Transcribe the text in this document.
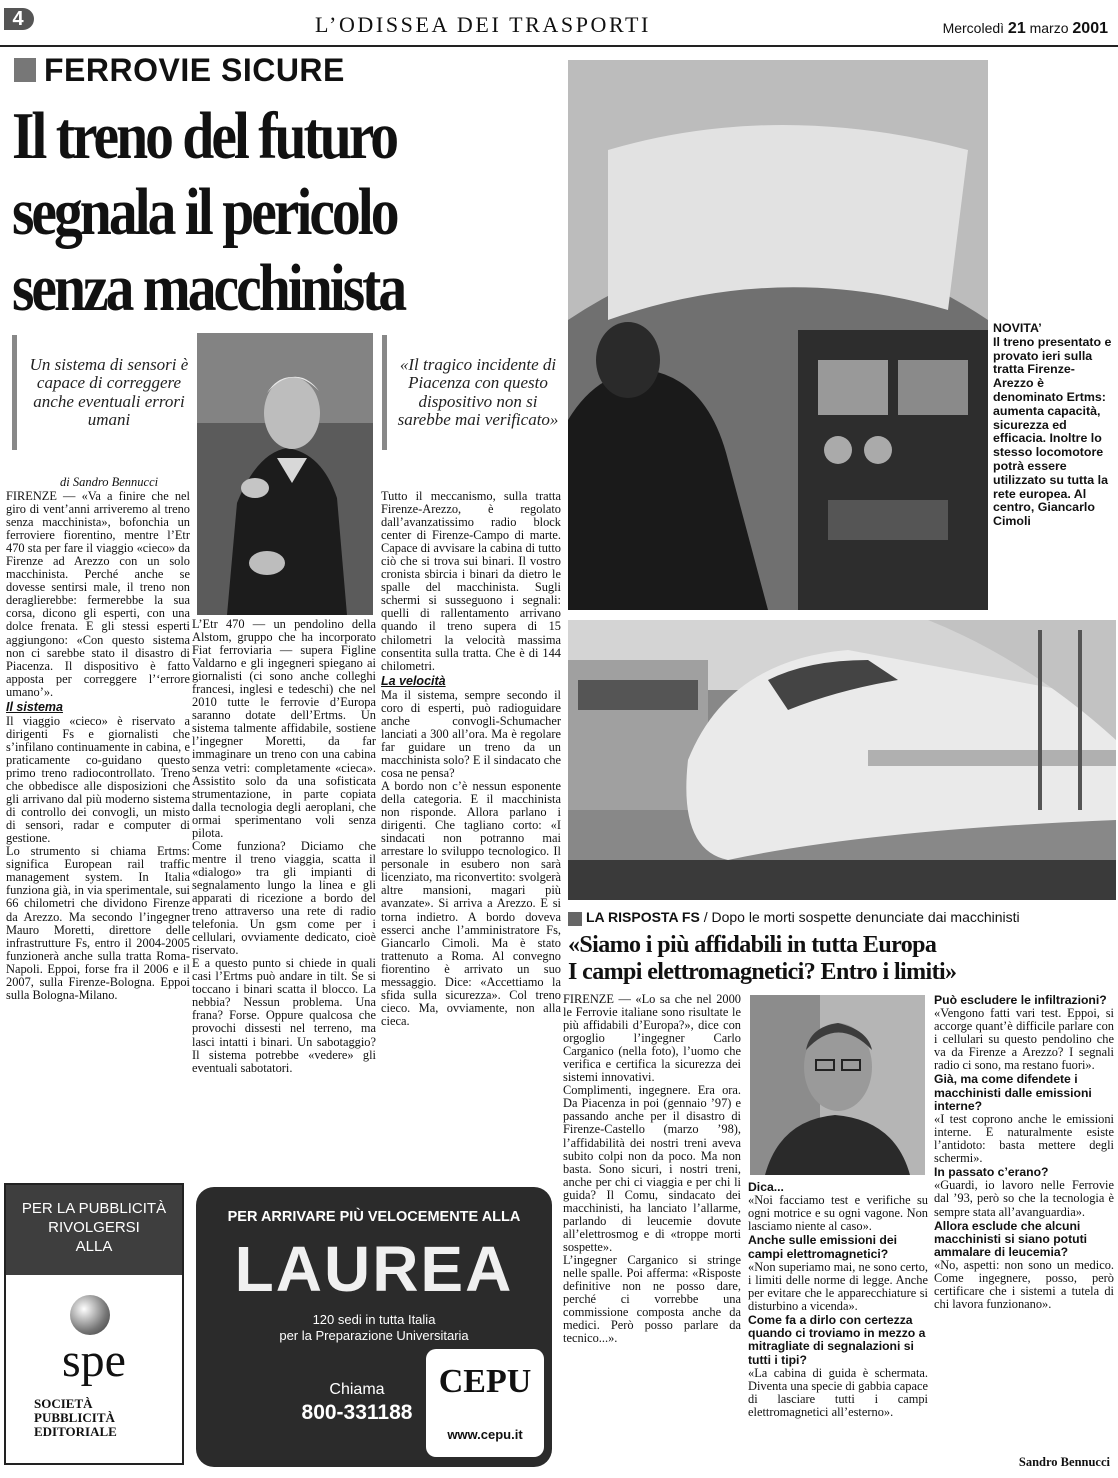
4	L’ODISSEA DEI TRASPORTI	Mercoledì 21 marzo 2001
FERROVIE SICURE
Il treno del futuro
segnala il pericolo
senza macchinista
Un sistema di sensori è capace di correggere anche eventuali errori umani
«Il tragico incidente di Piacenza con questo dispositivo non si sarebbe mai verificato»
di Sandro Bennucci

FIRENZE — «Va a finire che nel giro di vent’anni arriveremo al treno senza macchinista», bofonchia un ferroviere fiorentino, mentre l’Etr 470 sta per fare il viaggio «cieco» da Firenze ad Arezzo con un solo macchinista. Perché anche se dovesse sentirsi male, il treno non deraglierebbe: fermerebbe la sua corsa, dicono gli esperti, con una dolce frenata. E gli stessi esperti aggiungono: «Con questo sistema non ci sarebbe stato il disastro di Piacenza. Il dispositivo è fatto apposta per correggere l’‘errore umano’».

Il sistema

Il viaggio «cieco» è riservato a dirigenti Fs e giornalisti che s’infilano continuamente in cabina, e praticamente co-guidano questo primo treno radiocontrollato. Treno che obbedisce alle disposizioni che gli arrivano dal più moderno sistema di controllo dei convogli, un misto di sensori, radar e computer di gestione.

Lo strumento si chiama Ertms: significa European rail traffic management system. In Italia funziona già, in via sperimentale, sui 66 chilometri che dividono Firenze da Arezzo. Ma secondo l’ingegner Mauro Moretti, direttore delle infrastrutture Fs, entro il 2004-2005 funzionerà anche sulla tratta Roma-Napoli. Eppoi, forse fra il 2006 e il 2007, sulla Firenze-Bologna. Eppoi sulla Bologna-Milano.

L’Etr 470 — un pendolino della Alstom, gruppo che ha incorporato Fiat ferroviaria — supera Figline Valdarno e gli ingegneri spiegano ai giornalisti (ci sono anche colleghi francesi, inglesi e tedeschi) che nel 2010 tutte le ferrovie d’Europa saranno dotate dell’Ertms. Un sistema talmente affidabile, sostiene l’ingegner Moretti, da far immaginare un treno con una cabina senza vetri: completamente «cieca». Assistito solo da una sofisticata strumentazione, in parte copiata dalla tecnologia degli aeroplani, che ormai sperimentano voli senza pilota.

Come funziona? Diciamo che mentre il treno viaggia, scatta il «dialogo» tra gli impianti di segnalamento lungo la linea e gli apparati di ricezione a bordo del treno attraverso una rete di radio telefonia. Un gsm come per i cellulari, ovviamente dedicato, cioè riservato.

E a questo punto si chiede in quali casi l’Ertms può andare in tilt. Se si toccano i binari scatta il blocco. La nebbia? Nessun problema. Una frana? Forse. Oppure qualcosa che provochi dissesti nel terreno, ma lasci intatti i binari. Un sabotaggio? Il sistema potrebbe «vedere» gli eventuali sabotatori.

Tutto il meccanismo, sulla tratta Firenze-Arezzo, è regolato dall’avanzatissimo radio block center di Firenze-Campo di marte. Capace di avvisare la cabina di tutto ciò che si trova sui binari. Il vostro cronista sbircia i binari da dietro le spalle del macchinista. Sugli schermi si susseguono i segnali: quelli di rallentamento arrivano quando il treno supera di 15 chilometri la velocità massima consentita sulla tratta. Che è di 144 chilometri.

La velocità

Ma il sistema, sempre secondo il coro di esperti, può radioguidare anche convogli-Schumacher lanciati a 300 all’ora. Ma è regolare far guidare un treno da un macchinista solo? E il sindacato che cosa ne pensa?

A bordo non c’è nessun esponente della categoria. E il macchinista non risponde. Allora parlano i dirigenti. Che tagliano corto: «I sindacati non potranno mai arrestare lo sviluppo tecnologico. Il personale in esubero non sarà licenziato, ma riconvertito: svolgerà altre mansioni, magari più avanzate». Si arriva a Arezzo. E si torna indietro. A bordo doveva esserci anche l’amministratore Fs, Giancarlo Cimoli. Ma è stato trattenuto a Roma. Al convegno fiorentino è arrivato un suo messaggio. Dice: «Accettiamo la sfida sulla sicurezza». Col treno cieco. Ma, ovviamente, non alla cieca.

NOVITA’
Il treno presentato e provato ieri sulla tratta Firenze-Arezzo è denominato Ertms: aumenta capacità, sicurezza ed efficacia. Inoltre lo stesso locomotore potrà essere utilizzato su tutta la rete europea. Al centro, Giancarlo Cimoli
LA RISPOSTA FS / Dopo le morti sospette denunciate dai macchinisti
«Siamo i più affidabili in tutta Europa
I campi elettromagnetici? Entro i limiti»

FIRENZE — «Lo sa che nel 2000 le Ferrovie italiane sono risultate le più affidabili d’Europa?», dice con orgoglio l’ingegner Carlo Carganico (nella foto), l’uomo che verifica e certifica la sicurezza dei sistemi innovativi.

Complimenti, ingegnere. Era ora. Da Piacenza in poi (gennaio ’97) e passando anche per il disastro di Firenze-Castello (marzo ’98), l’affidabilità dei nostri treni aveva subito colpi non da poco. Ma non basta. Sono sicuri, i nostri treni, anche per chi ci viaggia e per chi li guida? Il Comu, sindacato dei macchinisti, ha lanciato l’allarme, parlando di leucemie dovute all’elettrosmog e di «troppe morti sospette».

L’ingegner Carganico si stringe nelle spalle. Poi afferma: «Risposte definitive non ne posso dare, perché ci vorrebbe una commissione composta anche da medici. Però posso parlare da tecnico...».

Dica...

«Noi facciamo test e verifiche su ogni motrice e su ogni vagone. Non lasciamo niente al caso».

Anche sulle emissioni dei campi elettromagnetici?

«Non superiamo mai, ne sono certo, i limiti delle norme di legge. Anche per evitare che le apparecchiature si disturbino a vicenda».

Come fa a dirlo con certezza quando ci troviamo in mezzo a mitragliate di segnalazioni si tutti i tipi?

«La cabina di guida è schermata. Diventa una specie di gabbia capace di lasciare tutti i campi elettromagnetici all’esterno».

Può escludere le infiltrazioni?

«Vengono fatti vari test. Eppoi, si accorge quant’è difficile parlare con i cellulari su questo pendolino che va da Firenze a Arezzo? I segnali radio ci sono, ma restano fuori».

Già, ma come difendete i macchinisti dalle emissioni interne?

«I test coprono anche le emissioni interne. E naturalmente esiste l’antidoto: basta mettere degli schermi».

In passato c’erano?

«Guardi, io lavoro nelle Ferrovie dal ’93, però so che la tecnologia è sempre stata all’avanguardia».

Allora esclude che alcuni macchinisti si siano potuti ammalare di leucemia?

«No, aspetti: non sono un medico. Come ingegnere, posso, però certificare che i sistemi a tutela di chi lavora funzionano».

Sandro Bennucci
PER LA PUBBLICITÀ
RIVOLGERSI
ALLA
spe
SOCIETÀ
PUBBLICITÀ
EDITORIALE
PER ARRIVARE PIÙ VELOCEMENTE ALLA
LAUREA
120 sedi in tutta Italia
per la Preparazione Universitaria
Chiama
800-331188
CEPU
www.cepu.it
